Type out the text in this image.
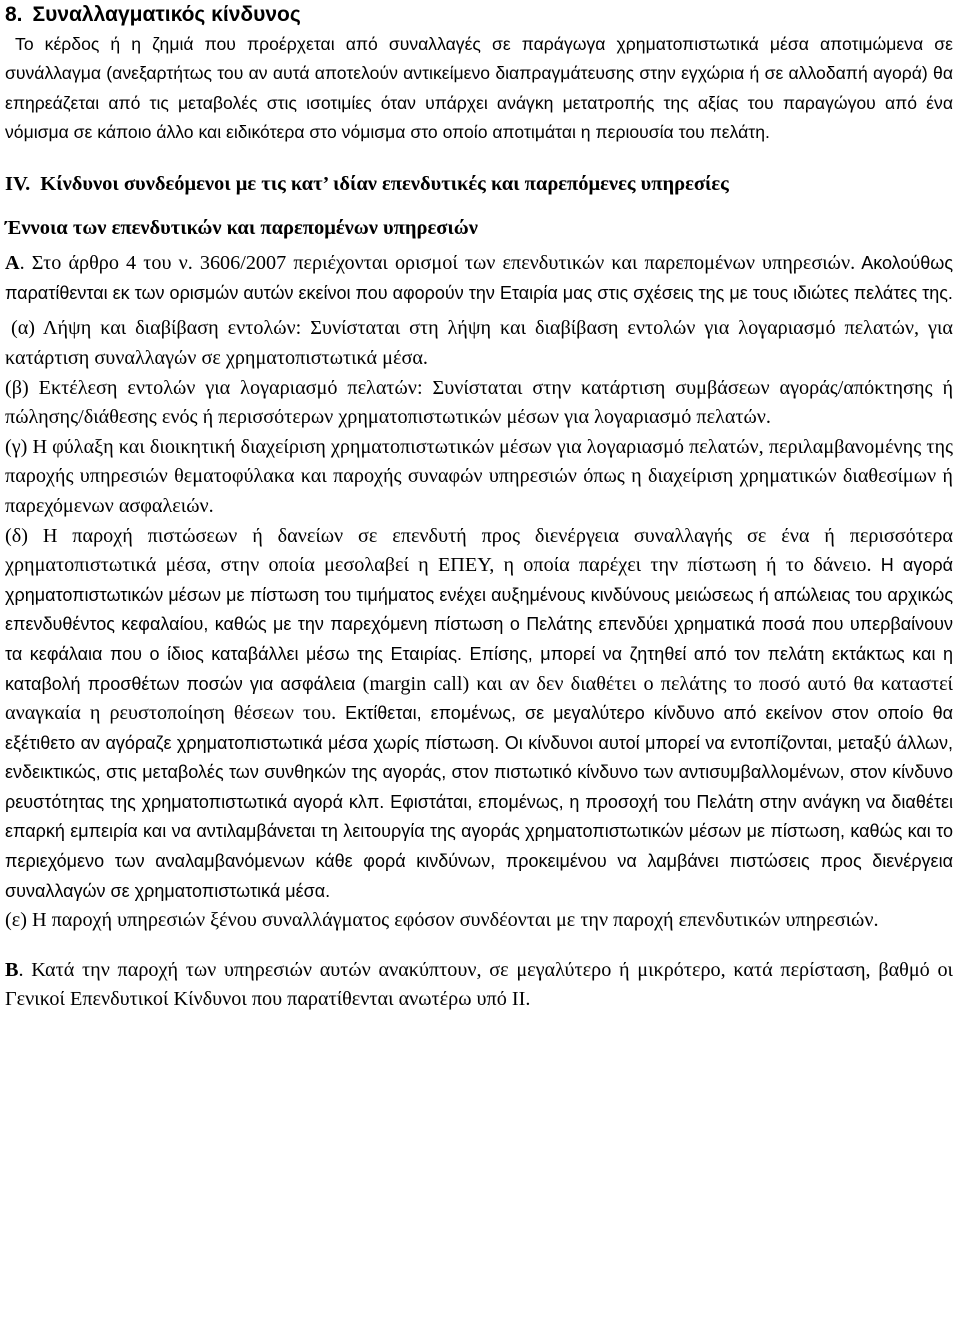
8. Συναλλαγματικός κίνδυνος

Το κέρδος ή η ζημιά που προέρχεται από συναλλαγές σε παράγωγα χρηματοπιστωτικά μέσα αποτιμώμενα σε συνάλλαγμα (ανεξαρτήτως του αν αυτά αποτελούν αντικείμενο διαπραγμάτευσης στην εγχώρια ή σε αλλοδαπή αγορά) θα επηρεάζεται από τις μεταβολές στις ισοτιμίες όταν υπάρχει ανάγκη μετατροπής της αξίας του παραγώγου από ένα νόμισμα σε κάποιο άλλο και ειδικότερα στο νόμισμα στο οποίο αποτιμάται η περιουσία του πελάτη.

IV. Κίνδυνοι συνδεόμενοι με τις κατ’ ιδίαν επενδυτικές και παρεπόμενες υπηρεσίες
Έννοια των επενδυτικών και παρεπομένων υπηρεσιών

Α. Στο άρθρο 4 του ν. 3606/2007 περιέχονται ορισμοί των επενδυτικών και παρεπομένων υπηρεσιών. Ακολούθως παρατίθενται εκ των ορισμών αυτών εκείνοι που αφορούν την Εταιρία μας στις σχέσεις της με τους ιδιώτες πελάτες της.

(α) Λήψη και διαβίβαση εντολών: Συνίσταται στη λήψη και διαβίβαση εντολών για λογαριασμό πελατών, για κατάρτιση συναλλαγών σε χρηματοπιστωτικά μέσα.

(β) Εκτέλεση εντολών για λογαριασμό πελατών: Συνίσταται στην κατάρτιση συμβάσεων αγοράς/απόκτησης ή πώλησης/διάθεσης ενός ή περισσότερων χρηματοπιστωτικών μέσων για λογαριασμό πελατών.

(γ) Η φύλαξη και διοικητική διαχείριση χρηματοπιστωτικών μέσων για λογαριασμό πελατών, περιλαμβανομένης της παροχής υπηρεσιών θεματοφύλακα και παροχής συναφών υπηρεσιών όπως η διαχείριση χρηματικών διαθεσίμων ή παρεχόμενων ασφαλειών.

(δ) Η παροχή πιστώσεων ή δανείων σε επενδυτή προς διενέργεια συναλλαγής σε ένα ή περισσότερα χρηματοπιστωτικά μέσα, στην οποία μεσολαβεί η ΕΠΕΥ, η οποία παρέχει την πίστωση ή το δάνειο. Η αγορά χρηματοπιστωτικών μέσων με πίστωση του τιμήματος ενέχει αυξημένους κινδύνους μειώσεως ή απώλειας του αρχικώς επενδυθέντος κεφαλαίου, καθώς με την παρεχόμενη πίστωση ο Πελάτης επενδύει χρηματικά ποσά που υπερβαίνουν τα κεφάλαια που ο ίδιος καταβάλλει μέσω της Εταιρίας. Επίσης, μπορεί να ζητηθεί από τον πελάτη εκτάκτως και η καταβολή προσθέτων ποσών για ασφάλεια (margin call) και αν δεν διαθέτει ο πελάτης το ποσό αυτό θα καταστεί αναγκαία η ρευστοποίηση θέσεων του. Εκτίθεται, επομένως, σε μεγαλύτερο κίνδυνο από εκείνον στον οποίο θα εξέτιθετο αν αγόραζε χρηματοπιστωτικά μέσα χωρίς πίστωση. Οι κίνδυνοι αυτοί μπορεί να εντοπίζονται, μεταξύ άλλων, ενδεικτικώς, στις μεταβολές των συνθηκών της αγοράς, στον πιστωτικό κίνδυνο των αντισυμβαλλομένων, στον κίνδυνο ρευστότητας της χρηματοπιστωτικά αγορά κλπ. Εφιστάται, επομένως, η προσοχή του Πελάτη στην ανάγκη να διαθέτει επαρκή εμπειρία και να αντιλαμβάνεται τη λειτουργία της αγοράς χρηματοπιστωτικών μέσων με πίστωση, καθώς και το περιεχόμενο των αναλαμβανόμενων κάθε φορά κινδύνων, προκειμένου να λαμβάνει πιστώσεις προς διενέργεια συναλλαγών σε χρηματοπιστωτικά μέσα.

(ε) Η παροχή υπηρεσιών ξένου συναλλάγματος εφόσον συνδέονται με την παροχή επενδυτικών υπηρεσιών.

Β. Κατά την παροχή των υπηρεσιών αυτών ανακύπτουν, σε μεγαλύτερο ή μικρότερο, κατά περίσταση, βαθμό οι Γενικοί Επενδυτικοί Κίνδυνοι που παρατίθενται ανωτέρω υπό ΙΙ.
